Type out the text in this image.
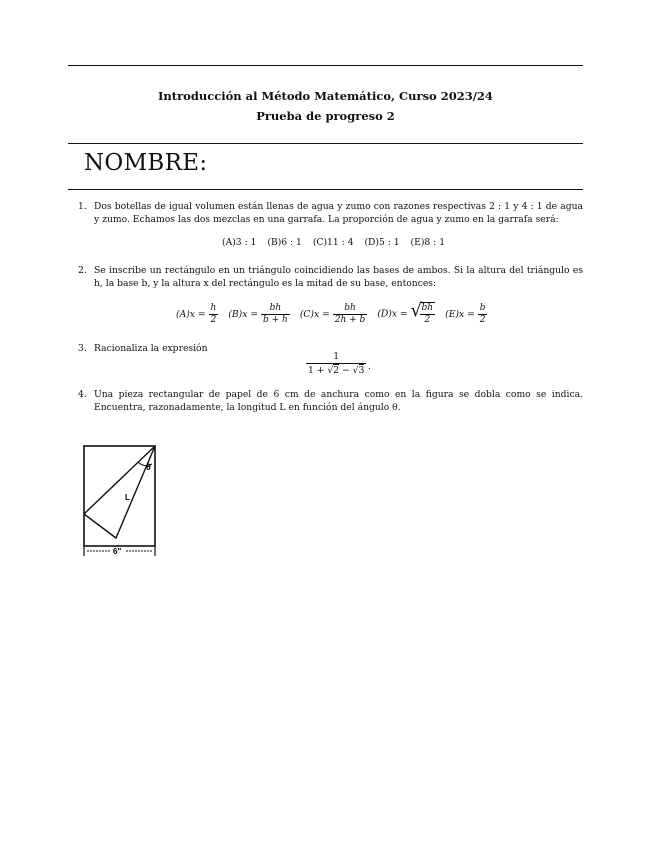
Introducción al Método Matemático, Curso 2023/24
Prueba de progreso 2
NOMBRE:
1. Dos botellas de igual volumen están llenas de agua y zumo con razones respectivas 2 : 1 y 4 : 1 de agua y zumo. Echamos las dos mezclas en una garrafa. La proporción de agua y zumo en la garrafa será:
(A)3 : 1 (B)6 : 1 (C)11 : 4 (D)5 : 1 (E)8 : 1
2. Se inscribe un rectángulo en un triángulo coincidiendo las bases de ambos. Si la altura del triángulo es h, la base b, y la altura x del rectángulo es la mitad de su base, entonces:
$(A)x = \frac{h}{2} (B)x = \frac{bh}{b + h} (C)x = \frac{bh}{2h + b} (D)x$ = √
$\frac{bh}{2} (E)x = \frac{b}{2}$
3. Racionaliza la expresión
$\frac{1}{1 + √2 - √3}$ .
4. Una pieza rectangular de papel de 6 cm de anchura como en la figura se dobla como se indica. Encuentra, razonadamente, la longitud L en función del ángulo θ.
θ
L
6"
